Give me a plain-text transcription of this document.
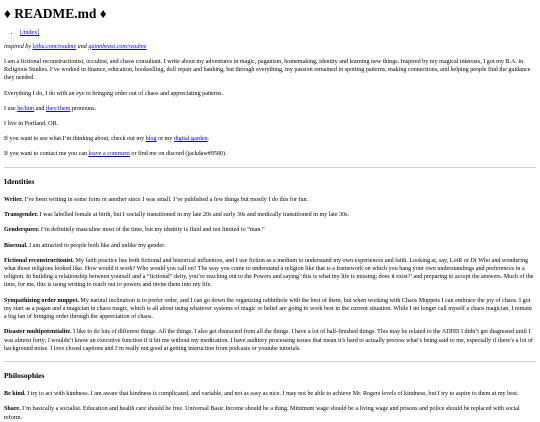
♦ README.md ♦
• [/index]

inspired by lethu.com/readme and quinnbeast.com/readme

I am a fictional reconstructionist, occultist, and chaos consultant. I write about my adventures in magic, paganism, homemaking, identity and learning new things. Inspired by my magical interests, I got my B.A. in Religious Studies. I’ve worked in finance, education, bookselling, doll repair and banking, but through everything, my passion remained in spotting patterns, making connections, and helping people find the guidance they needed.

Everything I do, I do with an eye to bringing order out of chaos and appreciating patterns.

I use he/him and they/them pronouns.

I live in Portland, OR.

If you want to see what I’m thinking about, check out my blog or my digital garden.

If you want to contact me you can leave a comment or find me on discord (jackdaw#9580).

Identities

Writer. I’ve been writing in some form or another since I was small. I’ve published a few things but mostly I do this for fun.

Transgender. I was labelled female at birth, but I socially transitioned in my late 20s and early 30s and medically transitioned in my late 30s.

Genderqueer. I’m definitely masculine most of the time, but my identity is fluid and not limited to “man.”

Bisexual. I am attracted to people both like and unlike my gender.

Fictional reconstructionist. My faith practice has both fictional and historical influences, and I use fiction as a medium to understand my own experiences and faith. Looking at, say, LotR or Dr Who and wondering what those religions looked like. How would it work? Who would you call on? The way you come to understand a religion like that is a framework on which you hang your own understandings and preferences in a religion. In building a relationship between yourself and a “fictional” deity, you’re reaching out to the Powers and saying ‘this is what my life is missing; does it exist?’ and preparing to accept the answers. Much of the time, for me, this is using writing to reach out to powers and invite them into my life.

Sympathizing order muppet. My natural inclination is to prefer order, and I can go down the organizing rabbithole with the best of them, but when working with Chaos Muppets I can embrace the joy of chaos. I got my start as a pagan and a magician in chaos magic, which is all about using whatever systems of magic or belief are going to work best in the current situation. While I no longer call myself a chaos magician, I remain a big fan of bringing order through the appreciation of chaos.

Disaster multipotentialite. I like to do lots of different things. All the things. I also get distracted from all the things. I have a lot of half-finished things. This may be related to the ADHD I didn’t get diagnosed until I was almost forty; I wouldn’t know an executive function if it bit me without my medication. I have auditory processing issues that mean it’s hard to actually process what’s being said to me, especially if there’s a lot of background noise. I love closed captions and I’m really not good at getting instruction from podcasts or youtube tutorials.

Philosophies

Be kind. I try to act with kindness. I am aware that kindness is complicated, and variable, and not as easy as nice. I may not be able to achieve Mr. Rogers levels of kindness, but I try to aspire to them at my best.

Share. I’m basically a socialist. Education and health care should be free. Universal Basic Income should be a thing. Minimum wage should be a living wage and prisons and police should be replaced with social reform.
